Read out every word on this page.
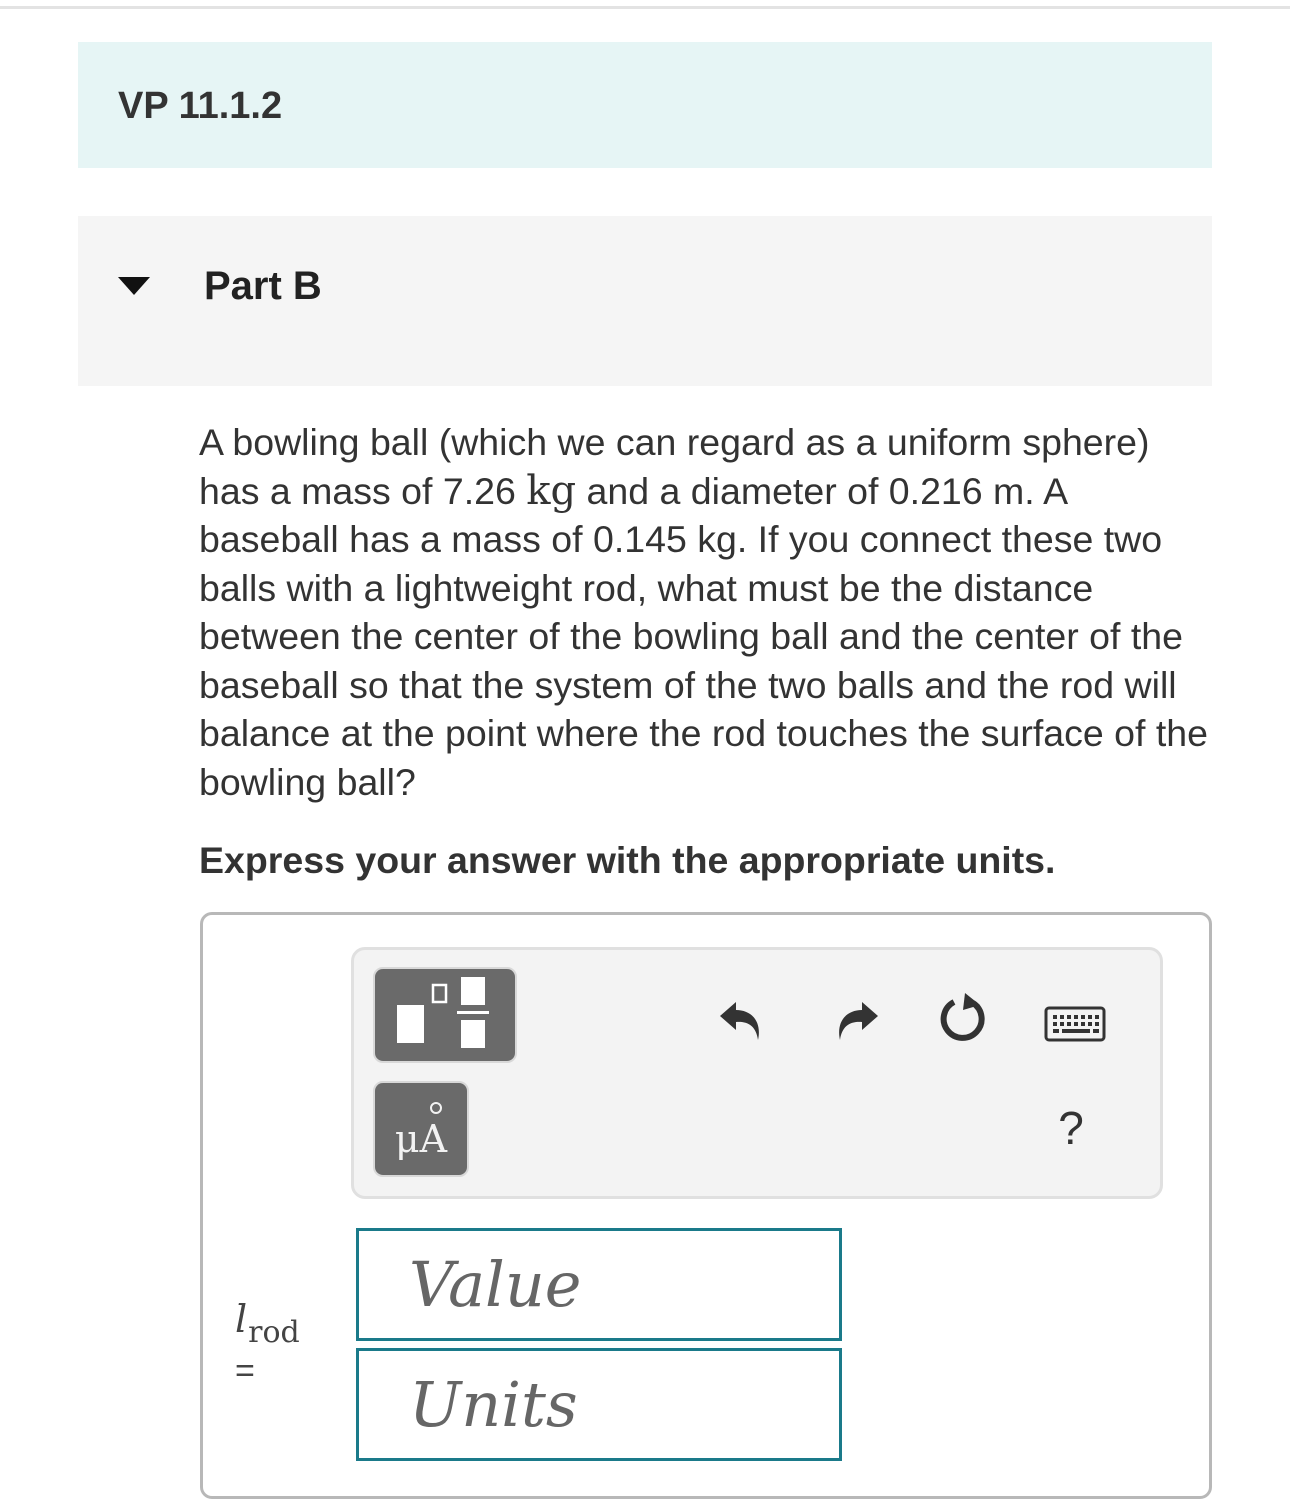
VP 11.1.2
Part B
A bowling ball (which we can regard as a uniform sphere) has a mass of 7.26 kg and a diameter of 0.216 m. A baseball has a mass of 0.145 kg. If you connect these two balls with a lightweight rod, what must be the distance between the center of the bowling ball and the center of the baseball so that the system of the two balls and the rod will balance at the point where the rod touches the surface of the bowling ball?
Express your answer with the appropriate units.
μA	?
$l_{rod}$
=
Value
Units
